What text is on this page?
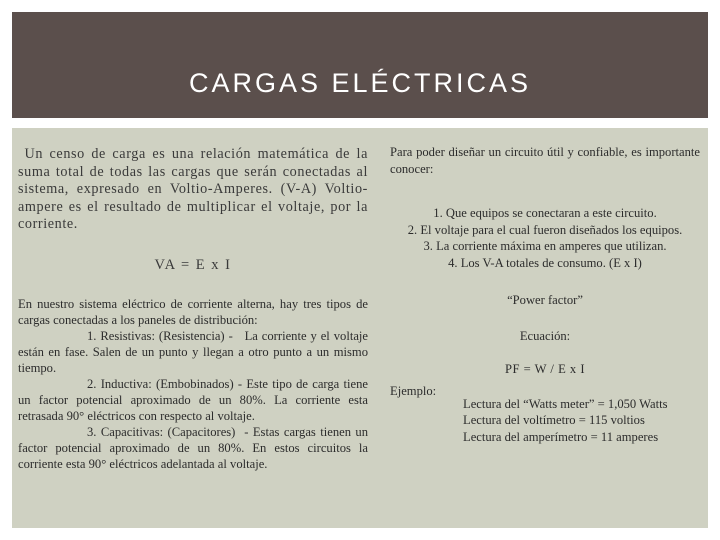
CARGAS ELÉCTRICAS

Un censo de carga es una relación matemática de la suma total de todas las cargas que serán conectadas al sistema, expresado en Voltio-Amperes. (V-A) Voltio-ampere es el resultado de multiplicar el voltaje, por la corriente.

VA = E x I

En nuestro sistema eléctrico de corriente alterna, hay tres tipos de cargas conectadas a los paneles de distribución:

1. Resistivas: (Resistencia) - La corriente y el voltaje están en fase. Salen de un punto y llegan a otro punto a un mismo tiempo.

2. Inductiva: (Embobinados) - Este tipo de carga tiene un factor potencial aproximado de un 80%. La corriente esta retrasada 90° eléctricos con respecto al voltaje.

3. Capacitivas: (Capacitores) - Estas cargas tienen un factor potencial aproximado de un 80%. En estos circuitos la corriente esta 90° eléctricos adelantada al voltaje.

Para poder diseñar un circuito útil y confiable, es importante conocer:

1. Que equipos se conectaran a este circuito.
2. El voltaje para el cual fueron diseñados los equipos.
3. La corriente máxima en amperes que utilizan.
4. Los V-A totales de consumo. (E x I)
“Power factor”
Ecuación:
PF = W / E x I
Ejemplo:
Lectura del “Watts meter” = 1,050 Watts
Lectura del voltímetro = 115 voltios
Lectura del amperímetro = 11 amperes
